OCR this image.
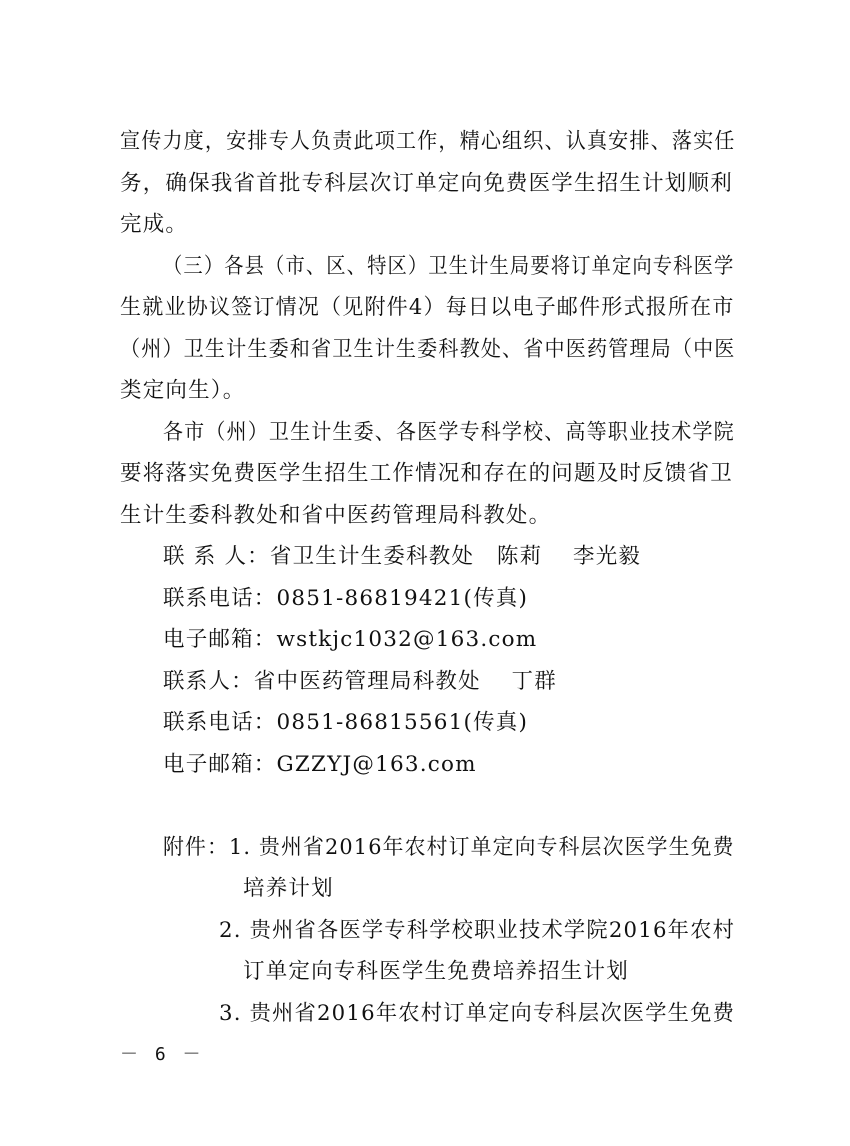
宣传力度，安排专人负责此项工作，精心组织、认真安排、落实任
务，确保我省首批专科层次订单定向免费医学生招生计划顺利
完成。
（三）各县（市、区、特区）卫生计生局要将订单定向专科医学
生就业协议签订情况（见附件4）每日以电子邮件形式报所在市
（州）卫生计生委和省卫生计生委科教处、省中医药管理局（中医
类定向生）。
各市（州）卫生计生委、各医学专科学校、高等职业技术学院
要将落实免费医学生招生工作情况和存在的问题及时反馈省卫
生计生委科教处和省中医药管理局科教处。
联 系 人：省卫生计生委科教处　陈莉　 李光毅
联系电话：0851-86819421(传真)
电子邮箱：wstkjc1032@163.com
联系人：省中医药管理局科教处　 丁群
联系电话：0851-86815561(传真)
电子邮箱：GZZYJ@163.com
附件：1. 贵州省2016年农村订单定向专科层次医学生免费
培养计划
2. 贵州省各医学专科学校职业技术学院2016年农村
订单定向专科医学生免费培养招生计划
3. 贵州省2016年农村订单定向专科层次医学生免费
－ 6 －
